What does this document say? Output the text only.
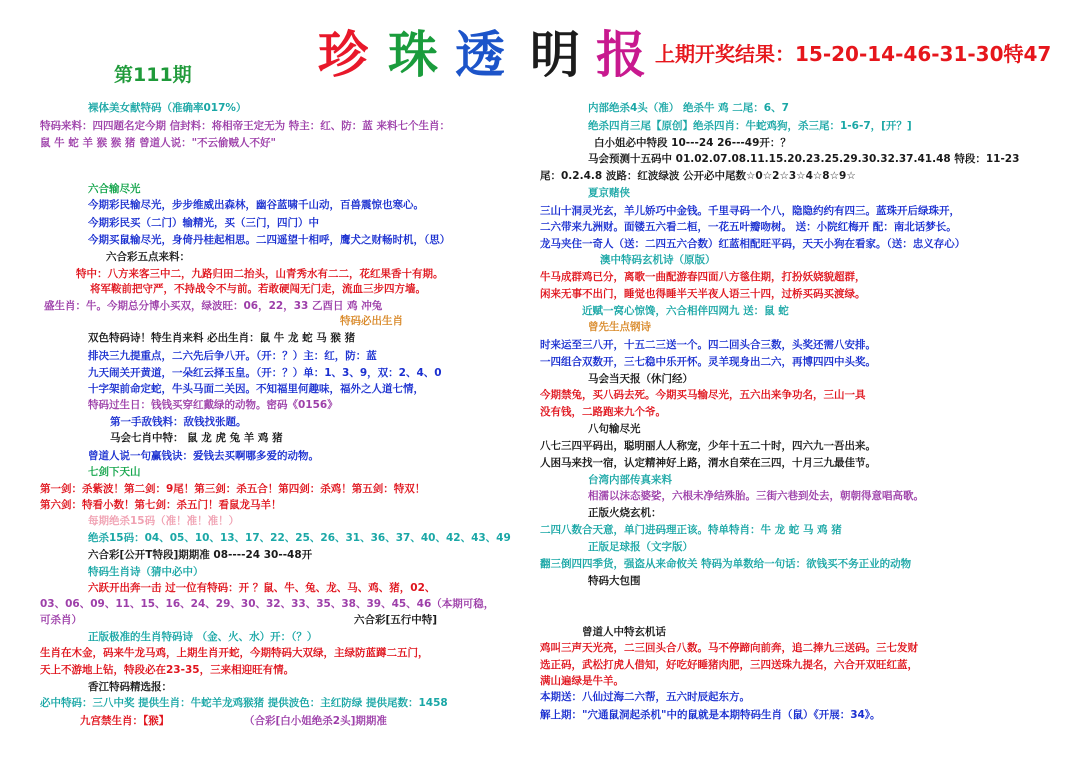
珍 珠 透 明 报
第111期
上期开奖结果：15-20-14-46-31-30特47
裸体美女献特码（准确率017%）
特码来料：四四题名定今期 信封料：将相帝王定无为 特主：红、防：蓝 来料七个生肖：
鼠 牛 蛇 羊 猴 猴 猪 曾道人说："不云偷贼人不好"
六合输尽光
今期彩民输尽光，步步维威出森林，幽谷蓝啸千山动，百兽震惊也寒心。
今期彩民买（二门）输精光，买（三门，四门）中
今期买鼠输尽光，身倚丹桂起相思。二四遥望十相呼，鹰犬之财畅时机，（思）
六合彩五点来料：
特中：八方来客三中二，九路归田二抬头，山青秀水有二二，花红果香十有期。
将军鞍前把守严，不持战令不与前。若敢硬闯无门走，流血三步四方墙。
盛生肖：牛。今期总分博小买双，绿波旺：06，22，33 乙酉日 鸡 冲兔
特码必出生肖
双色特码诗！特生肖来料 必出生肖：鼠 牛 龙 蛇 马 猴 猪
排决三九提重点，二六先后争八开。（开：？）主：红，防：蓝
九天闹关开黄道，一朵红云择玉皇。（开：？）单：1、3、9，双：2、4、0
十字架前命定蛇，牛头马面二关因。不知福里何趣味，福外之人道七情，
特码过生日：钱钱买穿红戴绿的动物。密码《0156》
第一手敌钱料：敌钱找张题。
马会七肖中特： 鼠 龙 虎 兔 羊 鸡 猪
曾道人说一句赢钱诀：爱钱去买啊哪多爱的动物。
七剑下天山
第一剑：杀紫波！第二剑：9尾！第三剑：杀五合！第四剑：杀鸡！第五剑：特双！
第六剑：特看小数！第七剑：杀五门！看鼠龙马羊！
每期绝杀15码（准！准！准！）
绝杀15码：04、05、10、13、17、22、25、26、31、36、37、40、42、43、49
六合彩[公开T特段]期期准 08----24 30--48开
特码生肖诗（猜中必中）
六跃开出奔一击 过一位有特码：开 ？鼠、牛、兔、龙、马、鸡、猪，02、
03、06、09、11、15、16、24、29、30、32、33、35、38、39、45、46（本期可稳，
可杀肖）	六合彩[五行中特]
正版极准的生肖特码诗 （金、火、水）开：（？）
生肖在木金，码来牛龙马鸡，上期生肖开蛇，今期特码大双绿，主绿防蓝蹲二五门，
天上不游地上钻，特段必在23-35，三来相迎旺有情。
香江特码精选报：
必中特码：三八中奖 提供生肖：牛蛇羊龙鸡猴猪 提供波色：主红防绿 提供尾数：1458
九宫禁生肖：【猴】	（合彩[白小姐绝杀2头]期期准
内部绝杀4头（准） 绝杀牛 鸡 二尾：6、7
绝杀四肖三尾【原创】绝杀四肖：牛蛇鸡狗，杀三尾：1-6-7，[开？]
白小姐必中特段 10---24 26---49开：？
马会预测十五码中 01.02.07.08.11.15.20.23.25.29.30.32.37.41.48 特段：11-23
尾：0.2.4.8 波路：红波绿波 公开必中尾数☆0☆2☆3☆4☆8☆9☆
夏京赌侠
三山十洞灵光玄，羊儿娇巧中金钱。千里寻码一个八，隐隐约约有四三。蓝珠开后绿珠开，
二六带来九洲财。面镂五六看二桓，一花五叶瓣吻树。 送：小院红梅开 配：南北话梦长。
龙马夹住一奇人（送：二四五六合数）红蓝相配旺平码，天天小狗在看家。（送：忠义存心）
澳中特码玄机诗（原版）
牛马成群鸡已分，离歌一曲配游春四面八方毯住期，打扮妖娆貌超群，
闲来无事不出门，睡觉也得睡半天半夜人语三十四，过桥买码买渡绿。
近赋一窝心惊馋，六合相伴四网九 送：鼠 蛇
曾先生点钢诗
时来运至三八开，十五二三送一个。四二回头合三数，头奖还需八安排。
一四组合双数开，三七稳中乐开怀。灵羊现身出二六，再博四四中头奖。
马会当天报（休门经）
今期禁兔，买八码去死。今期买马输尽光，五六出来争功名，三山一具
没有钱，二路跑来九个爷。
八句输尽光
八七三四平码出，聪明丽人人称宠，少年十五二十时，四六九一吾出来。
人困马来找一宿，认定精神好上路，渭水自荣在三四，十月三九最佳节。
台湾内部传真来料
相濡以沫态婆娑，六根未净结殊胎。三街六巷到处去，朝朝得意唱高歌。
正版火烧玄机：
二四八数合天意，单门进码理正该。特单特肖：牛 龙 蛇 马 鸡 猪
正版足球报（文字版）
翻三倒四四季货，强盗从来命攸关 特码为单数给一句话：欲钱买不务正业的动物
特码大包围
曾道人中特玄机话
鸡叫三声天光亮，二三回头合八数。马不停蹄向前奔，追二捧九三送码。三七发财
选正码，武松打虎人借知，好吃好睡猪肉肥，三四送珠九提名，六合开双旺红蓝，
满山遍绿是牛羊。
本期送：八仙过海二六帮，五六时辰起东方。
解上期："穴通鼠洞起杀机"中的鼠就是本期特码生肖（鼠）《开展：34》。
